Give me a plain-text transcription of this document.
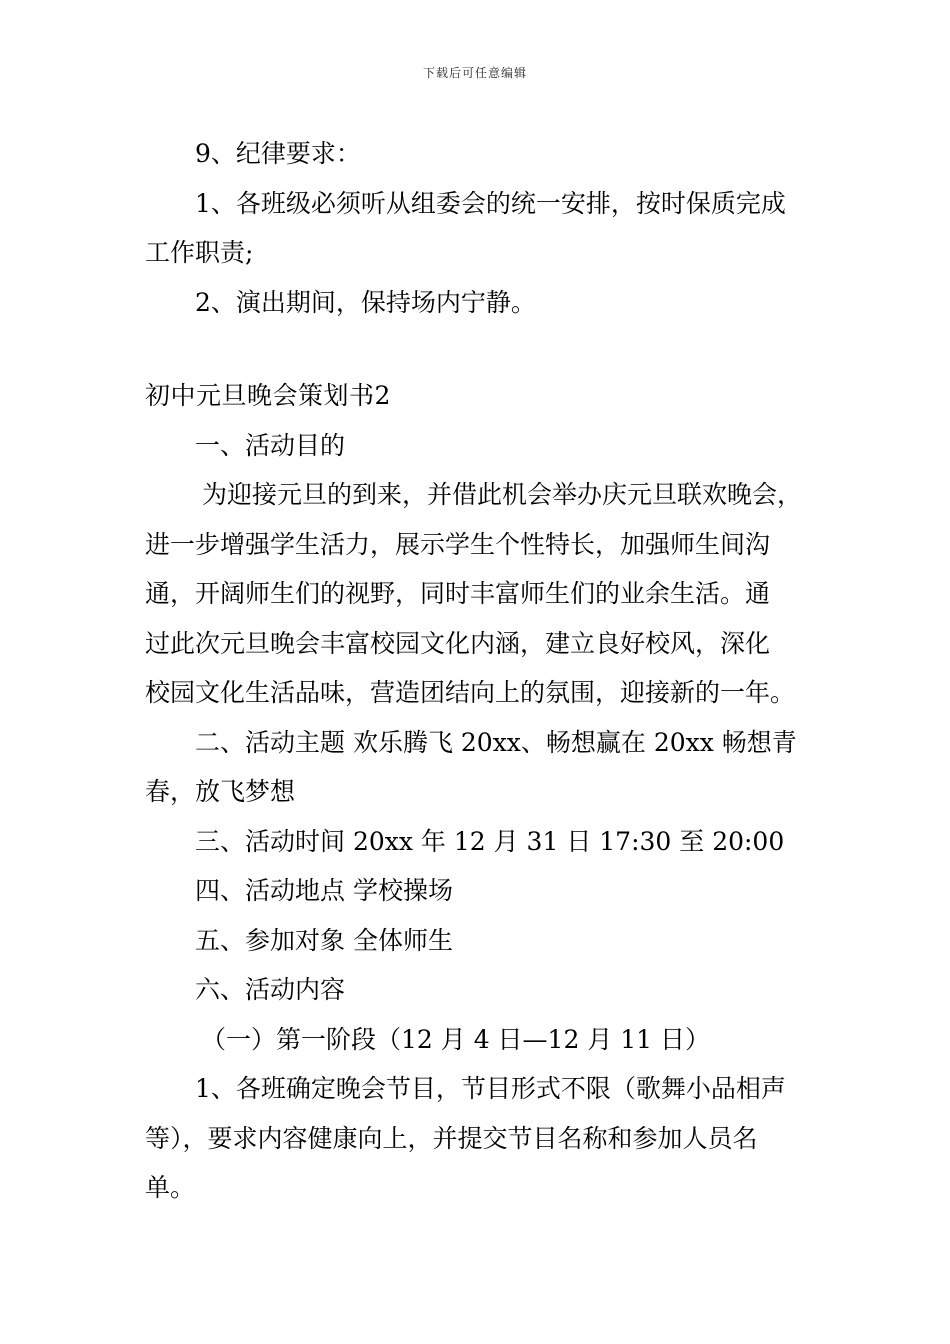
下载后可任意编辑
9、纪律要求：
1、各班级必须听从组委会的统一安排，按时保质完成
工作职责;
2、演出期间，保持场内宁静。
初中元旦晚会策划书2
一、活动目的
为迎接元旦的到来，并借此机会举办庆元旦联欢晚会，
进一步增强学生活力，展示学生个性特长，加强师生间沟
通，开阔师生们的视野，同时丰富师生们的业余生活。通
过此次元旦晚会丰富校园文化内涵，建立良好校风，深化
校园文化生活品味，营造团结向上的氛围，迎接新的一年。
二、活动主题 欢乐腾飞 20xx、畅想赢在 20xx 畅想青
春，放飞梦想
三、活动时间 20xx 年 12 月 31 日 17:30 至 20:00
四、活动地点 学校操场
五、参加对象 全体师生
六、活动内容
（一）第一阶段（12 月 4 日—12 月 11 日）
1、各班确定晚会节目，节目形式不限（歌舞小品相声
等），要求内容健康向上，并提交节目名称和参加人员名
单。
